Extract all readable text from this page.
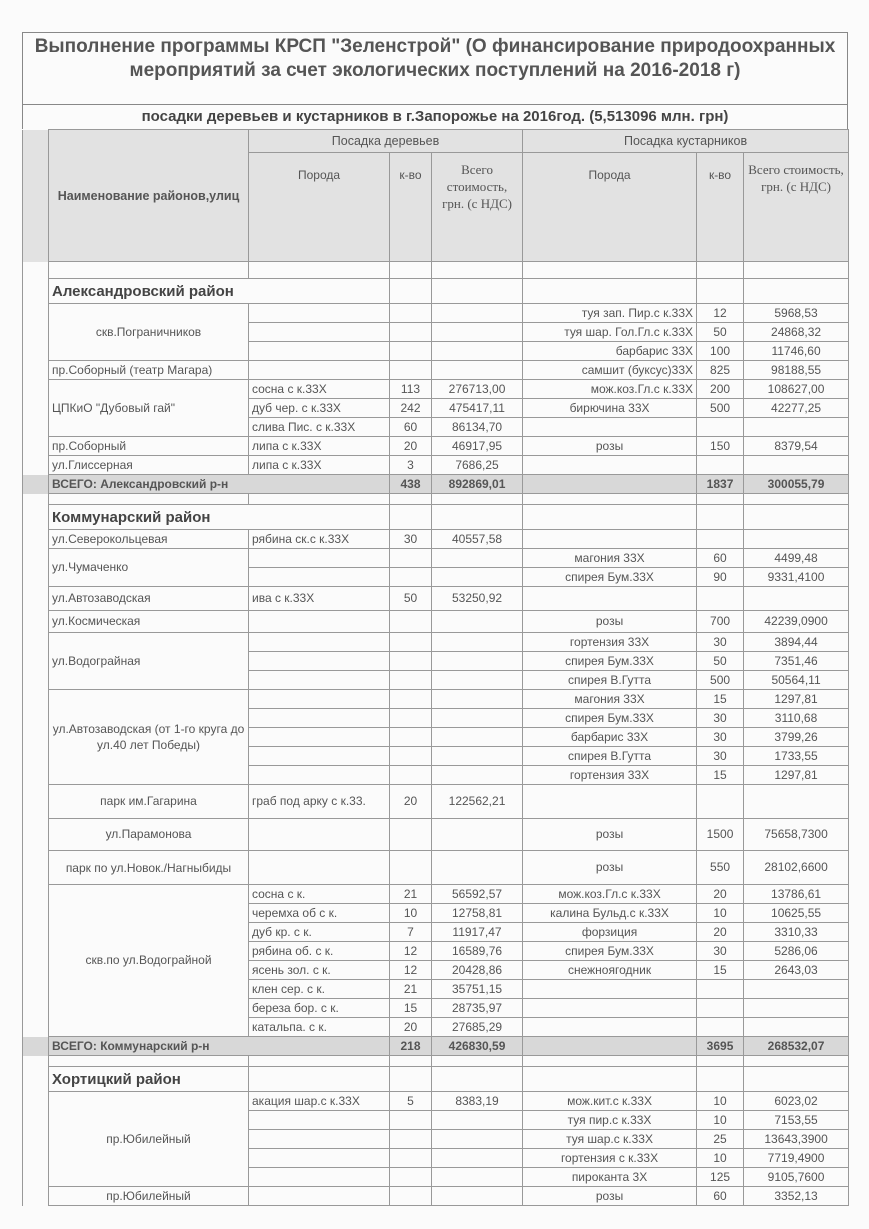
Выполнение программы КРСП "Зеленстрой" (О финансирование природоохранных мероприятий за счет экологических поступлений на 2016-2018 г)
посадки деревьев и кустарников в г.Запорожье на 2016год. (5,513096 млн. грн)
	Наименование районов,улиц	Посадка деревьев			Посадка кустарников		
		Порода	к-во	Всего стоимость, грн. (с НДС)	Порода	к-во	Всего стоимость, грн. (с НДС)

	Александровский район						
	скв.Пограничников				туя зап. Пир.с к.33Х	12	5968,53
					туя шар. Гол.Гл.с к.33Х	50	24868,32
					барбарис 33Х	100	11746,60
	пр.Соборный (театр Магара)				самшит (буксус)33Х	825	98188,55
	ЦПКиО "Дубовый гай"	сосна с к.33Х	113	276713,00	мож.коз.Гл.с к.33Х	200	108627,00
		дуб чер. с к.33Х	242	475417,11	бирючина 33Х	500	42277,25
		слива Пис. с к.33Х	60	86134,70			
	пр.Соборный	липа с к.33Х	20	46917,95	розы	150	8379,54
	ул.Глиссерная	липа с к.33Х	3	7686,25			
	ВСЕГО: Александровский р-н		438	892869,01		1837	300055,79

	Коммунарский район						
	ул.Северокольцевая	рябина ск.с к.33Х	30	40557,58			
	ул.Чумаченко				магония 33Х	60	4499,48
					спирея Бум.33Х	90	9331,4100
	ул.Автозаводская	ива с к.33Х	50	53250,92			
	ул.Космическая				розы	700	42239,0900
	ул.Водограйная				гортензия 33Х	30	3894,44
					спирея Бум.33Х	50	7351,46
					спирея В.Гутта	500	50564,11
	ул.Автозаводская (от 1-го круга до ул.40 лет Победы)				магония 33Х	15	1297,81
					спирея Бум.33Х	30	3110,68
					барбарис 33Х	30	3799,26
					спирея В.Гутта	30	1733,55
					гортензия 33Х	15	1297,81
	парк им.Гагарина	граб под арку с к.33.	20	122562,21			
	ул.Парамонова				розы	1500	75658,7300
	парк по ул.Новок./Нагныбиды				розы	550	28102,6600
	скв.по ул.Водограйной	сосна с к.	21	56592,57	мож.коз.Гл.с к.33Х	20	13786,61
		черемха об с к.	10	12758,81	калина Бульд.с к.33Х	10	10625,55
		дуб кр. с к.	7	11917,47	форзиция	20	3310,33
		рябина об. с к.	12	16589,76	спирея Бум.33Х	30	5286,06
		ясень зол. с к.	12	20428,86	снежноягодник	15	2643,03
		клен сер. с к.	21	35751,15			
		береза бор. с к.	15	28735,97			
		катальпа. с к.	20	27685,29			
	ВСЕГО: Коммунарский р-н		218	426830,59		3695	268532,07

	Хортицкий район						
	пр.Юбилейный	акация шар.с к.33Х	5	8383,19	мож.кит.с к.33Х	10	6023,02
					туя пир.с к.33Х	10	7153,55
					туя шар.с к.33Х	25	13643,3900
					гортензия с к.33Х	10	7719,4900
					пироканта 3Х	125	9105,7600
	пр.Юбилейный				розы	60	3352,13
